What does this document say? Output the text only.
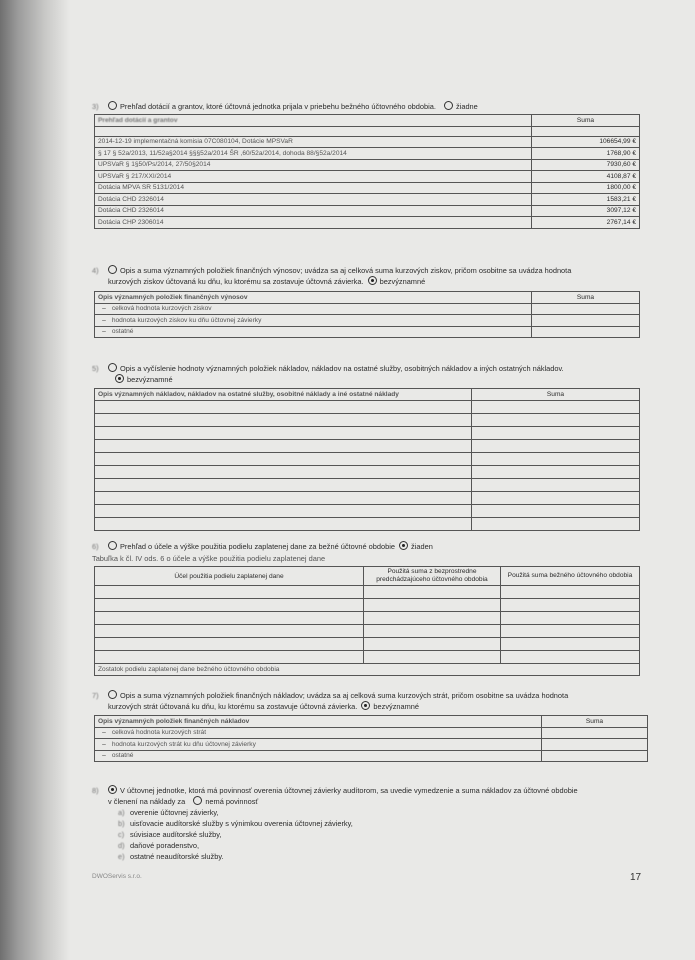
3)	Prehľad dotácií a grantov, ktoré účtovná jednotka prijala v priebehu bežného účtovného obdobia.	žiadne
Prehľad dotácií a grantov	Suma

2014-12-19 implementačná komisia 07C080104, Dotácie MPSVaR	106654,99 €
§ 17 § 52a/2013, 11/52a§2014 §§§52a/2014 ŠR ,60/52a/2014, dohoda 88/§52a/2014	1768,90 €
UPSVaR § 1§50/Ps/2014, 27/50§2014	7930,60 €
UPSVaR § 217/XXI/2014	4108,87 €
Dotácia MPVA SR 5131/2014	1800,00 €
Dotácia CHD 2326014	1583,21 €
Dotácia CHD 2326014	3097,12 €
Dotácia CHP 2306014	2767,14 €
4)	Opis a suma významných položiek finančných výnosov; uvádza sa aj celková suma kurzových ziskov, pričom osobitne sa uvádza hodnota
kurzových ziskov účtovaná ku dňu, ku ktorému sa zostavuje účtovná závierka. bezvýznamné
Opis významných položiek finančných výnosov	Suma
– celková hodnota kurzových ziskov	
– hodnota kurzových ziskov ku dňu účtovnej závierky	
– ostatné	
5)	Opis a vyčíslenie hodnoty významných položiek nákladov, nákladov na ostatné služby, osobitných nákladov a iných ostatných nákladov.
bezvýznamné
Opis významných nákladov, nákladov na ostatné služby, osobitné náklady a iné ostatné náklady	Suma

6)	Prehľad o účele a výške použitia podielu zaplatenej dane za bežné účtovné obdobie žiaden
Tabuľka k čl. IV ods. 6 o účele a výške použitia podielu zaplatenej dane
Účel použitia podielu zaplatenej dane	Použitá suma z bezprostredne predchádzajúceho účtovného obdobia	Použitá suma bežného účtovného obdobia

Zostatok podielu zaplatenej dane bežného účtovného obdobia		
7)	Opis a suma významných položiek finančných nákladov; uvádza sa aj celková suma kurzových strát, pričom osobitne sa uvádza hodnota
kurzových strát účtovaná ku dňu, ku ktorému sa zostavuje účtovná závierka. bezvýznamné
Opis významných položiek finančných nákladov	Suma
– celková hodnota kurzových strát	
– hodnota kurzových strát ku dňu účtovnej závierky	
– ostatné	
8)	V účtovnej jednotke, ktorá má povinnosť overenia účtovnej závierky audítorom, sa uvedie vymedzenie a suma nákladov za účtovné obdobie
v členení na náklady za	nemá povinnosť
a) overenie účtovnej závierky,
b) uisťovacie audítorské služby s výnimkou overenia účtovnej závierky,
c) súvisiace audítorské služby,
d) daňové poradenstvo,
e) ostatné neaudítorské služby.
DWOServis s.r.o.	17
